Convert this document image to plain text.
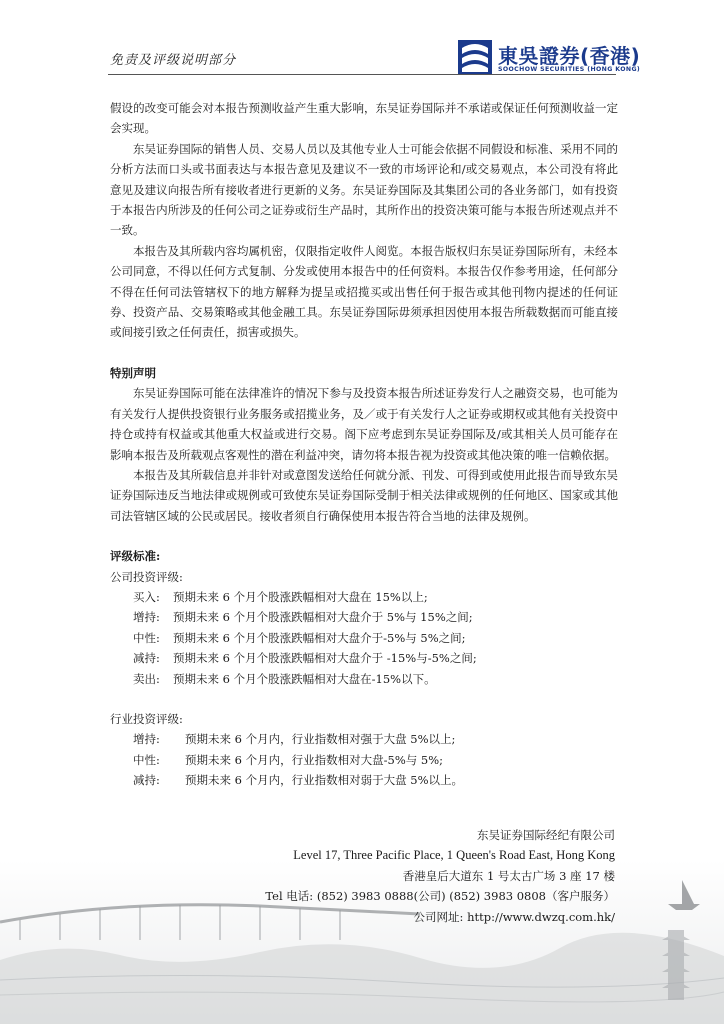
免责及评级说明部分	東吳證券(香港)
SOOCHOW SECURITIES (HONG KONG)

假设的改变可能会对本报告预测收益产生重大影响，东吴证券国际并不承诺或保证任何预测收益一定会实现。

东吴证券国际的销售人员、交易人员以及其他专业人士可能会依据不同假设和标准、采用不同的分析方法而口头或书面表达与本报告意见及建议不一致的市场评论和/或交易观点，本公司没有将此意见及建议向报告所有接收者进行更新的义务。东吴证券国际及其集团公司的各业务部门，如有投资于本报告内所涉及的任何公司之证券或衍生产品时，其所作出的投资决策可能与本报告所述观点并不一致。

本报告及其所载内容均属机密，仅限指定收件人阅览。本报告版权归东吴证券国际所有，未经本公司同意，不得以任何方式复制、分发或使用本报告中的任何资料。本报告仅作参考用途，任何部分不得在任何司法管辖权下的地方解释为提呈或招揽买或出售任何于报告或其他刊物内提述的任何证券、投资产品、交易策略或其他金融工具。东吴证券国际毋须承担因使用本报告所载数据而可能直接或间接引致之任何责任，损害或损失。

特别声明

东吴证券国际可能在法律准许的情况下参与及投资本报告所述证券发行人之融资交易，也可能为有关发行人提供投资银行业务服务或招揽业务，及／或于有关发行人之证券或期权或其他有关投资中持仓或持有权益或其他重大权益或进行交易。阁下应考虑到东吴证券国际及/或其相关人员可能存在影响本报告及所载观点客观性的潜在利益冲突，请勿将本报告视为投资或其他决策的唯一信赖依据。

本报告及其所载信息并非针对或意图发送给任何就分派、刊发、可得到或使用此报告而导致东吴证券国际违反当地法律或规例或可致使东吴证券国际受制于相关法律或规例的任何地区、国家或其他司法管辖区域的公民或居民。接收者须自行确保使用本报告符合当地的法律及规例。

评级标准:

公司投资评级:

买入: 预期未来 6 个月个股涨跌幅相对大盘在 15%以上;

增持: 预期未来 6 个月个股涨跌幅相对大盘介于 5%与 15%之间;

中性: 预期未来 6 个月个股涨跌幅相对大盘介于-5%与 5%之间;

减持: 预期未来 6 个月个股涨跌幅相对大盘介于 -15%与-5%之间;

卖出: 预期未来 6 个月个股涨跌幅相对大盘在-15%以下。

行业投资评级:

增持: 预期未来 6 个月内，行业指数相对强于大盘 5%以上;

中性: 预期未来 6 个月内，行业指数相对大盘-5%与 5%;

减持: 预期未来 6 个月内，行业指数相对弱于大盘 5%以上。

东吴证券国际经纪有限公司

Level 17, Three Pacific Place, 1 Queen's Road East, Hong Kong

香港皇后大道东 1 号太古广场 3 座 17 楼

Tel 电话: (852) 3983 0888(公司) (852) 3983 0808（客户服务）

公司网址: http://www.dwzq.com.hk/
